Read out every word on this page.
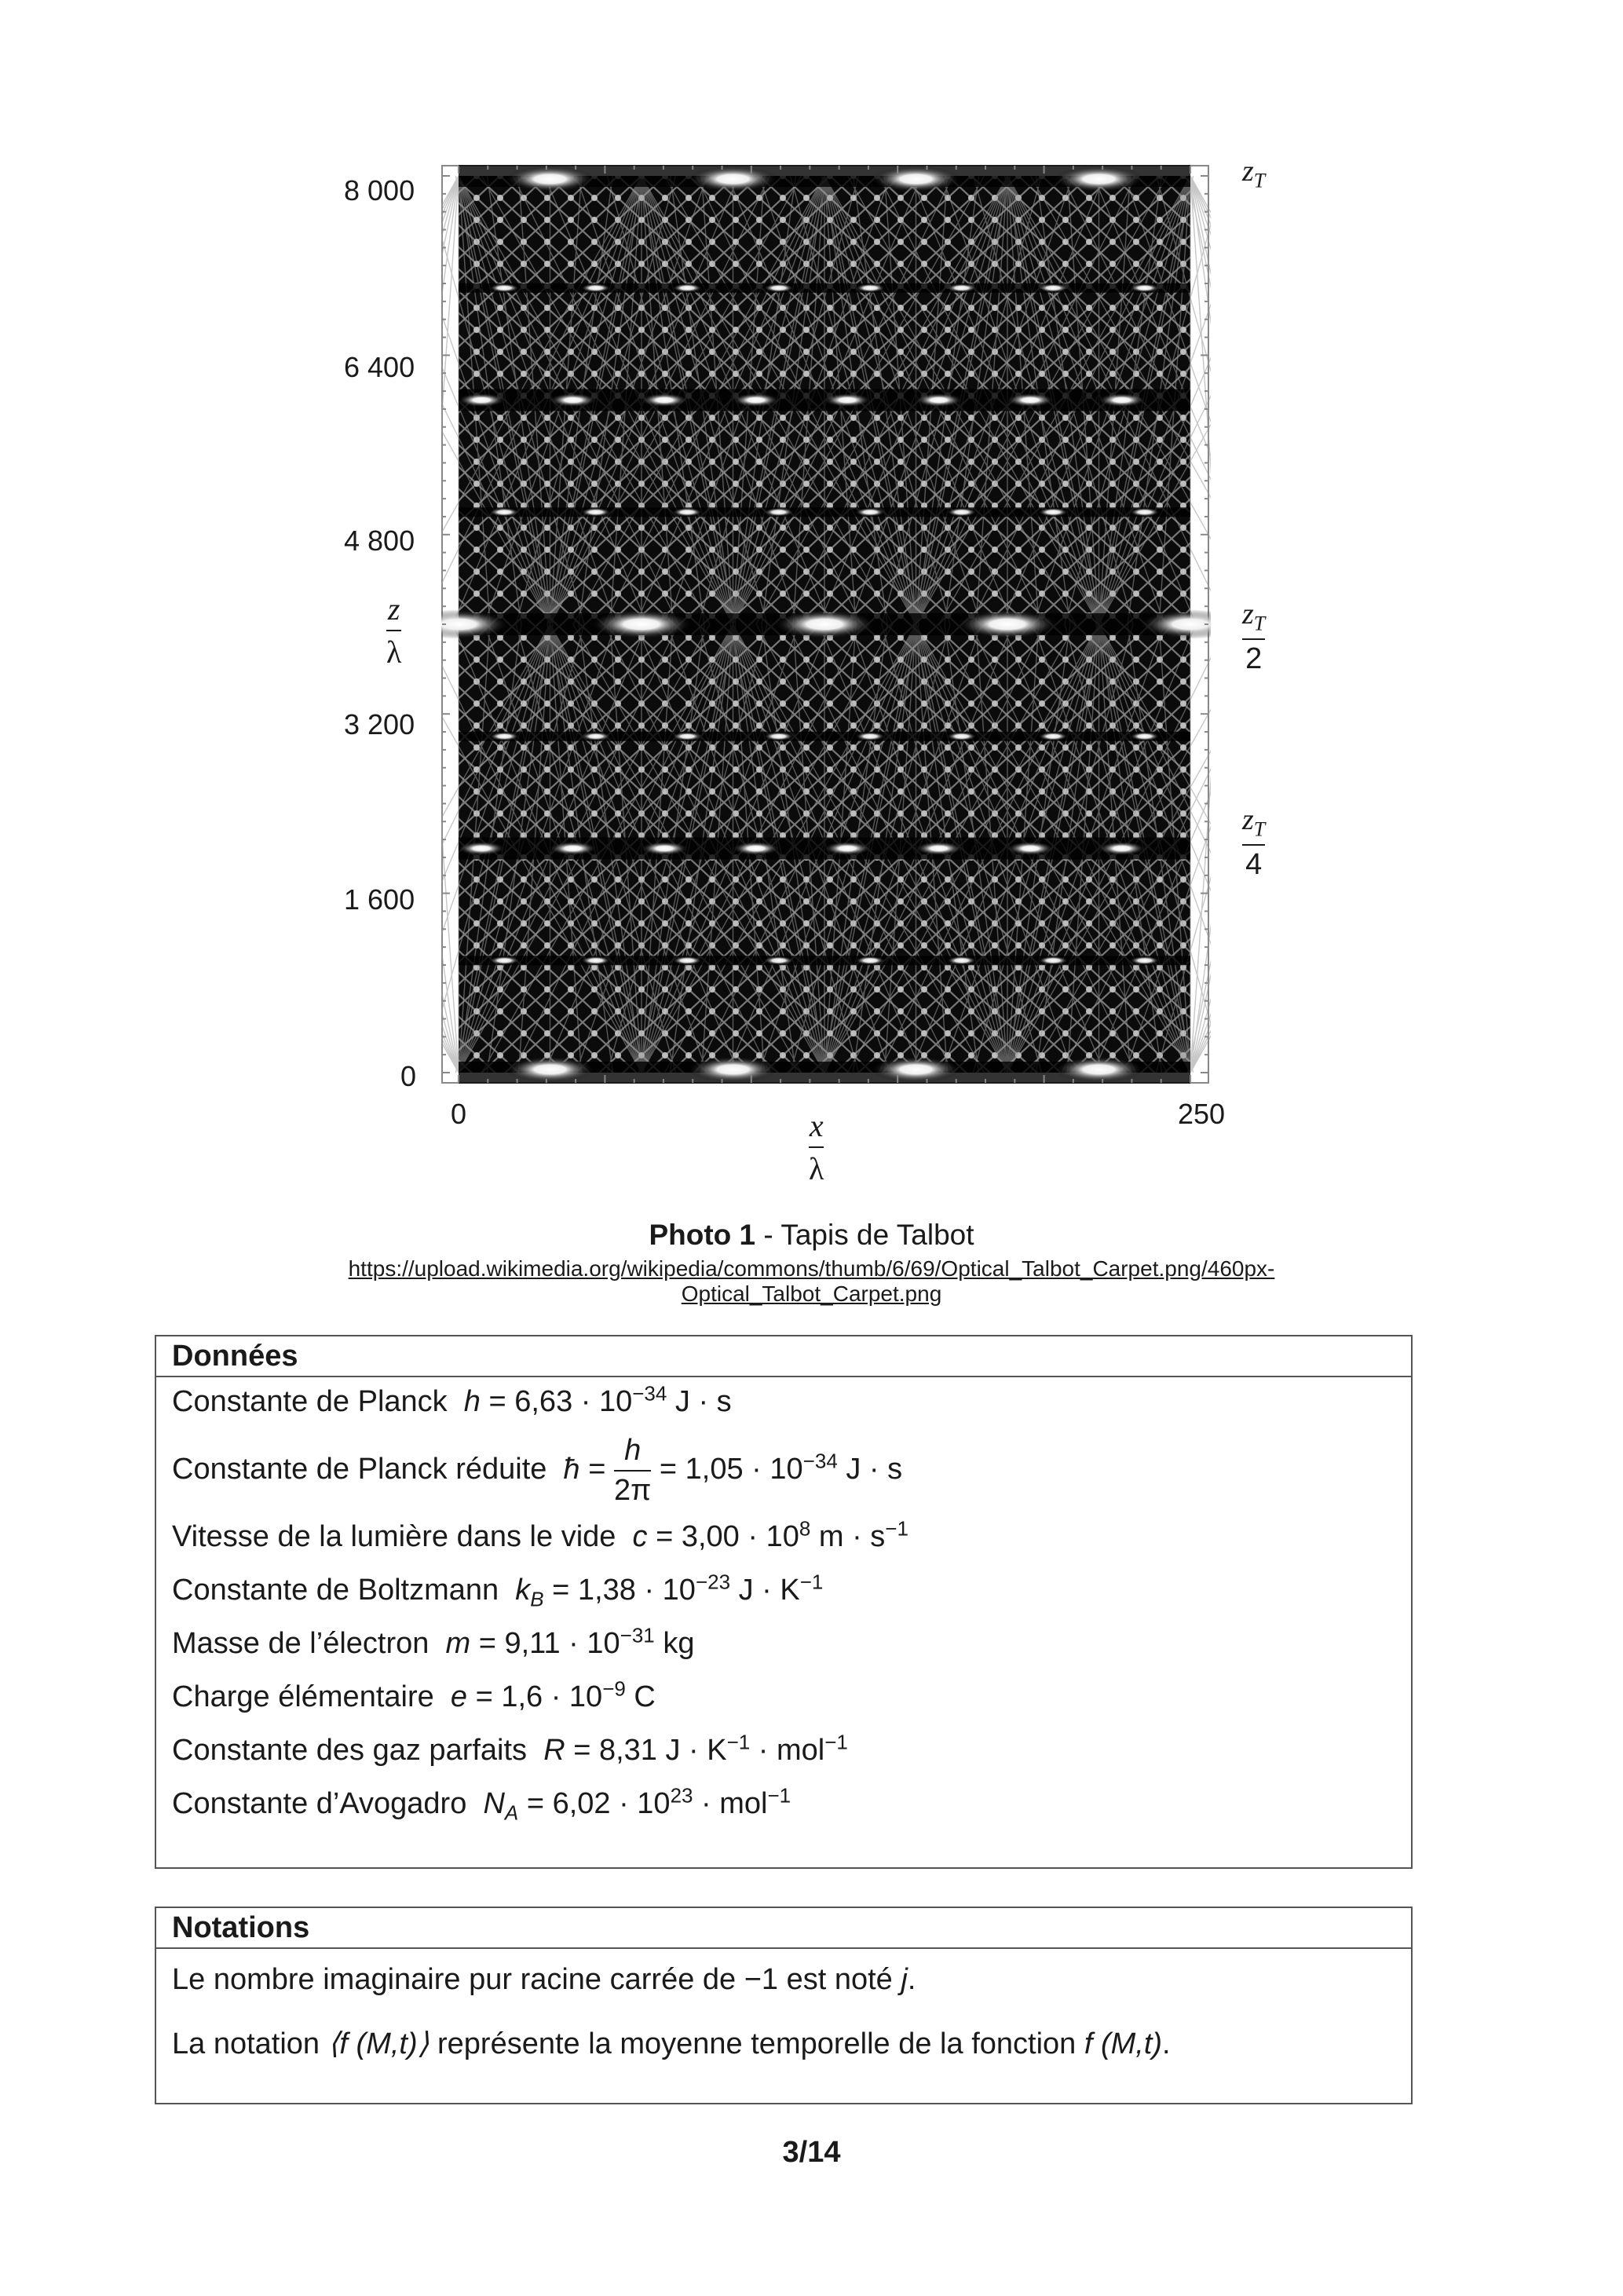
8 000
6 400
4 800
3 200
1 600
0
$\frac{z}{\lambda}$
0	250
$\frac{x}{\lambda}$
$z_T$
$\frac{z_T}{2}$
$\frac{z_T}{4}$
Photo 1 - Tapis de Talbot
https://upload.wikimedia.org/wikipedia/commons/thumb/6/69/Optical_Talbot_Carpet.png/460px-
Optical_Talbot_Carpet.png
Données
Constante de Planck $h = 6,63 \cdot 10^{-34}$ J · s
Constante de Planck réduite ħ = $\frac{h}{2\pi} = 1,05 \cdot 10^{-34}$ J · s
Vitesse de la lumière dans le vide $c = 3,00 \cdot 10^8$ $m \cdot s^{-1}$
Constante de Boltzmann $k_B = 1,38 \cdot 10^{-23}$ $J \cdot K^{-1}$
Masse de l’électron $m = 9,11 \cdot 10^{-31}$ kg
Charge élémentaire $e = 1,6 \cdot 10^{-9}$ C
Constante des gaz parfaits R = 8,31 $J \cdot K^{-1} \cdot mol^{-1}$
Constante d’Avogadro $N_A = 6,02 \cdot 10^{23} \cdot mol^{-1}$
Notations
Le nombre imaginaire pur racine carrée de −1 est noté j.
La notation ⟨f (M,t)⟩ représente la moyenne temporelle de la fonction f (M,t).
3/14
